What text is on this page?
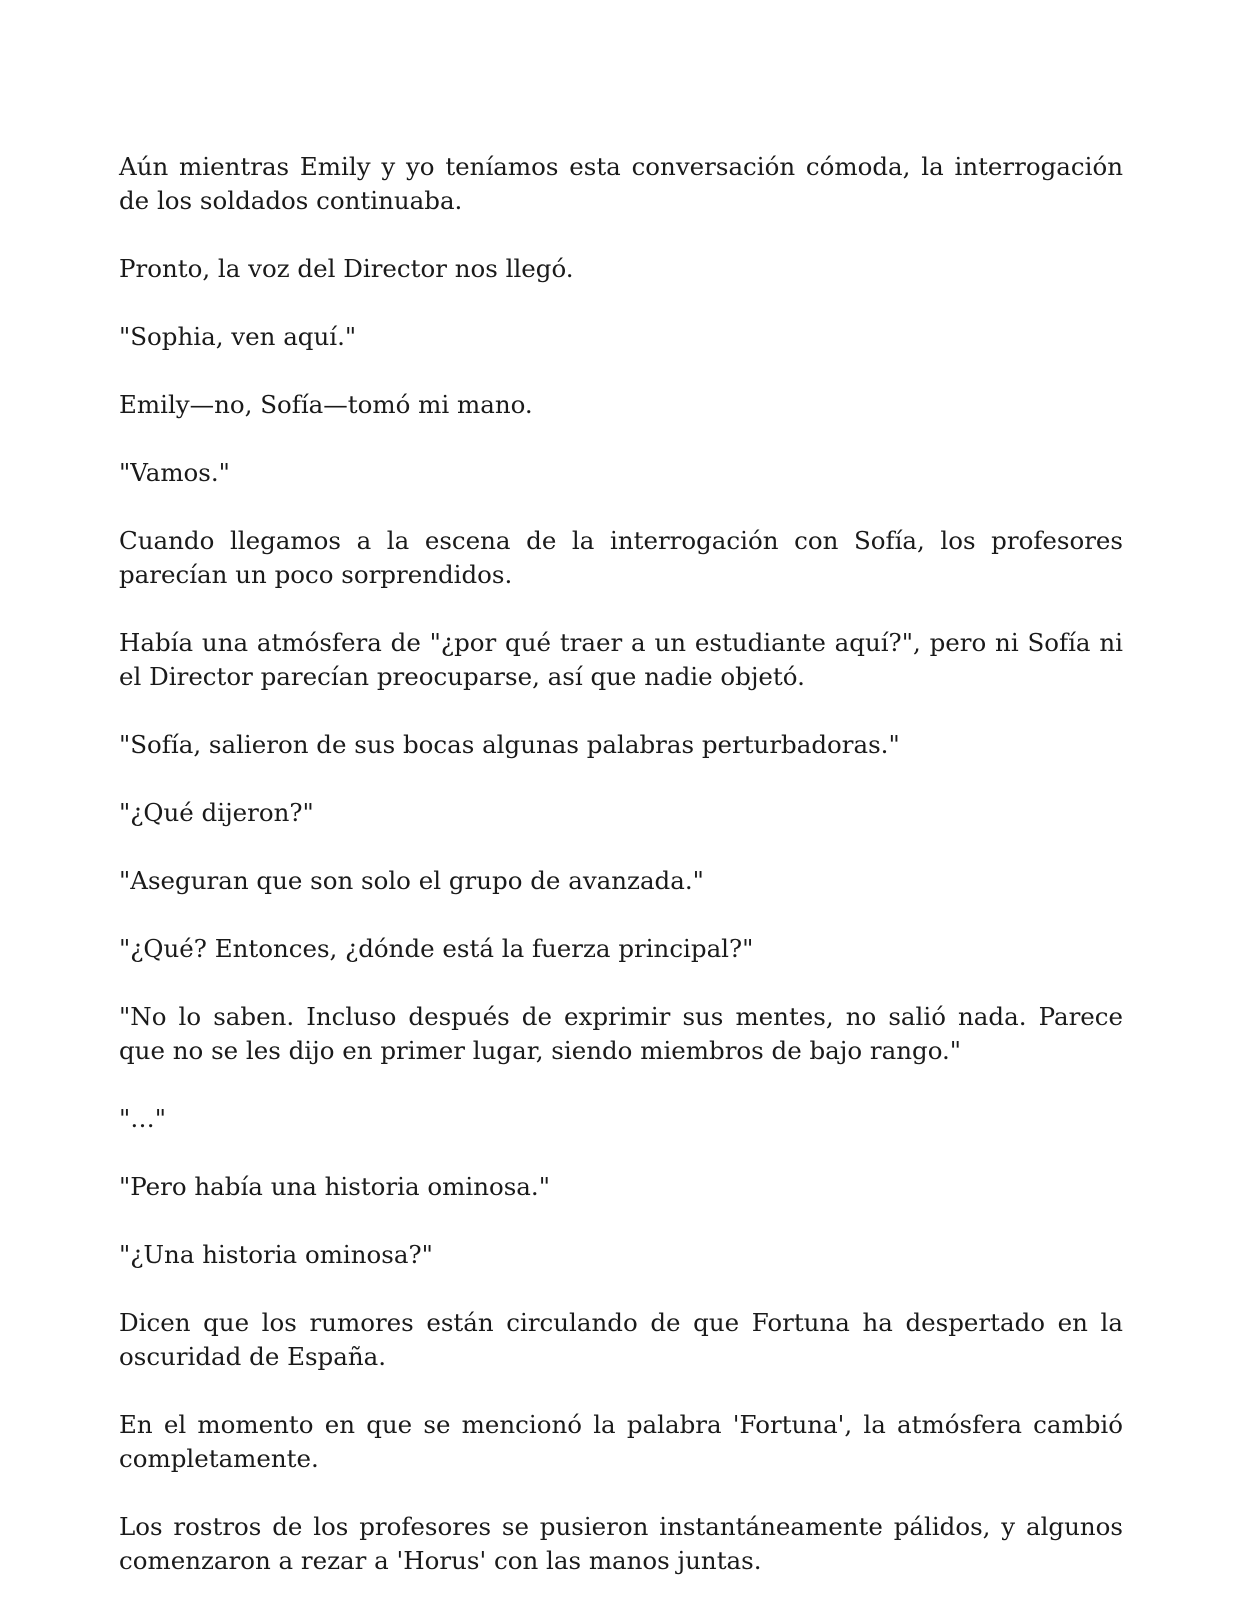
Aún mientras Emily y yo teníamos esta conversación cómoda, la interrogación de los soldados continuaba.

Pronto, la voz del Director nos llegó.

"Sophia, ven aquí."

Emily—no, Sofía—tomó mi mano.

"Vamos."

Cuando llegamos a la escena de la interrogación con Sofía, los profesores parecían un poco sorprendidos.

Había una atmósfera de "¿por qué traer a un estudiante aquí?", pero ni Sofía ni el Director parecían preocuparse, así que nadie objetó.

"Sofía, salieron de sus bocas algunas palabras perturbadoras."

"¿Qué dijeron?"

"Aseguran que son solo el grupo de avanzada."

"¿Qué? Entonces, ¿dónde está la fuerza principal?"

"No lo saben. Incluso después de exprimir sus mentes, no salió nada. Parece que no se les dijo en primer lugar, siendo miembros de bajo rango."

"…"

"Pero había una historia ominosa."

"¿Una historia ominosa?"

Dicen que los rumores están circulando de que Fortuna ha despertado en la oscuridad de España.

En el momento en que se mencionó la palabra 'Fortuna', la atmósfera cambió completamente.

Los rostros de los profesores se pusieron instantáneamente pálidos, y algunos comenzaron a rezar a 'Horus' con las manos juntas.
